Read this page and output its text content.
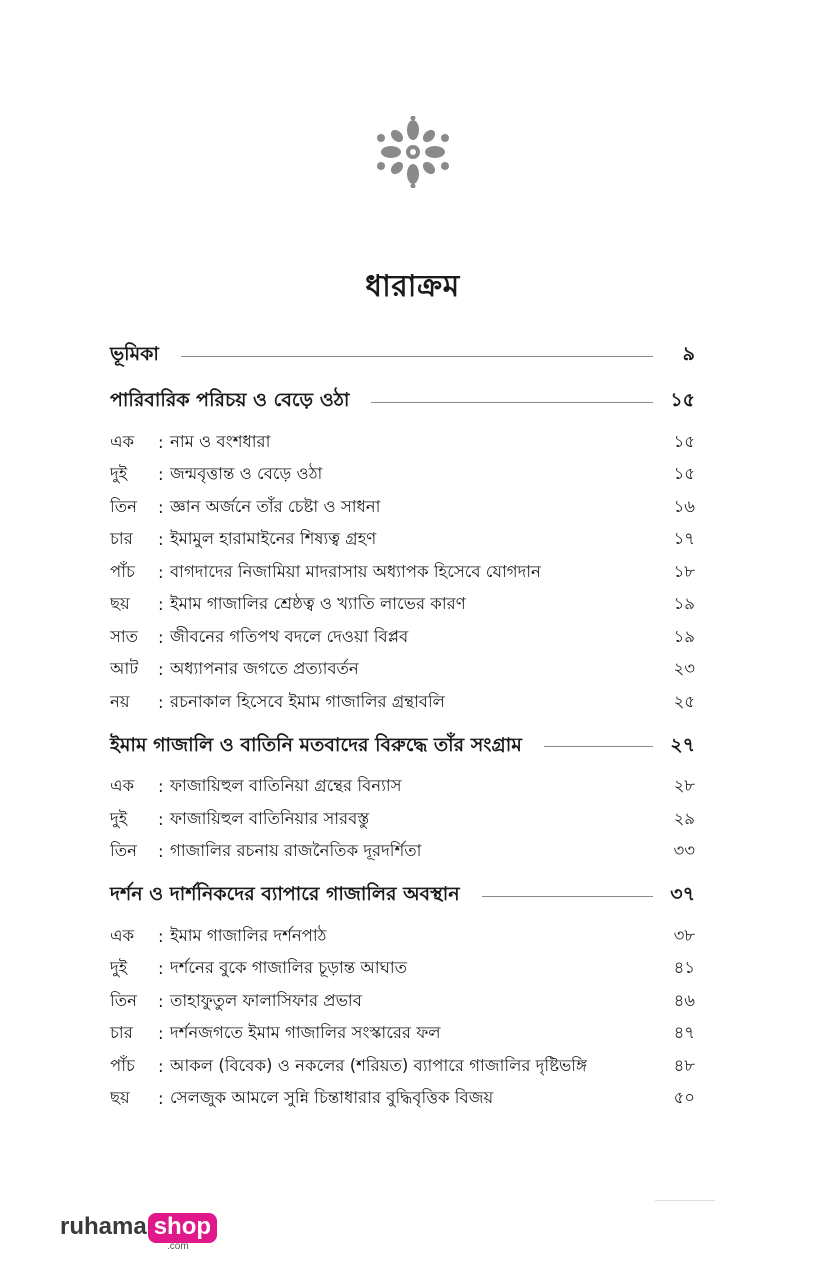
ধারাক্রম
ভূমিকা	৯
পারিবারিক পরিচয় ও বেড়ে ওঠা	১৫
এক	: নাম ও বংশধারা	১৫
দুই	: জন্মবৃত্তান্ত ও বেড়ে ওঠা	১৫
তিন	: জ্ঞান অর্জনে তাঁর চেষ্টা ও সাধনা	১৬
চার	: ইমামুল হারামাইনের শিষ্যত্ব গ্রহণ	১৭
পাঁচ	: বাগদাদের নিজামিয়া মাদরাসায় অধ্যাপক হিসেবে যোগদান	১৮
ছয়	: ইমাম গাজালির শ্রেষ্ঠত্ব ও খ্যাতি লাভের কারণ	১৯
সাত	: জীবনের গতিপথ বদলে দেওয়া বিপ্লব	১৯
আট	: অধ্যাপনার জগতে প্রত্যাবর্তন	২৩
নয়	: রচনাকাল হিসেবে ইমাম গাজালির গ্রন্থাবলি	২৫
ইমাম গাজালি ও বাতিনি মতবাদের বিরুদ্ধে তাঁর সংগ্রাম	২৭
এক	: ফাজায়িহুল বাতিনিয়া গ্রন্থের বিন্যাস	২৮
দুই	: ফাজায়িহুল বাতিনিয়ার সারবস্তু	২৯
তিন	: গাজালির রচনায় রাজনৈতিক দূরদর্শিতা	৩৩
দর্শন ও দার্শনিকদের ব্যাপারে গাজালির অবস্থান	৩৭
এক	: ইমাম গাজালির দর্শনপাঠ	৩৮
দুই	: দর্শনের বুকে গাজালির চূড়ান্ত আঘাত	৪১
তিন	: তাহাফুতুল ফালাসিফার প্রভাব	৪৬
চার	: দর্শনজগতে ইমাম গাজালির সংস্কারের ফল	৪৭
পাঁচ	: আকল (বিবেক) ও নকলের (শরিয়ত) ব্যাপারে গাজালির দৃষ্টিভঙ্গি	৪৮
ছয়	: সেলজুক আমলে সুন্নি চিন্তাধারার বুদ্ধিবৃত্তিক বিজয়	৫০
ruhama shop
.com
